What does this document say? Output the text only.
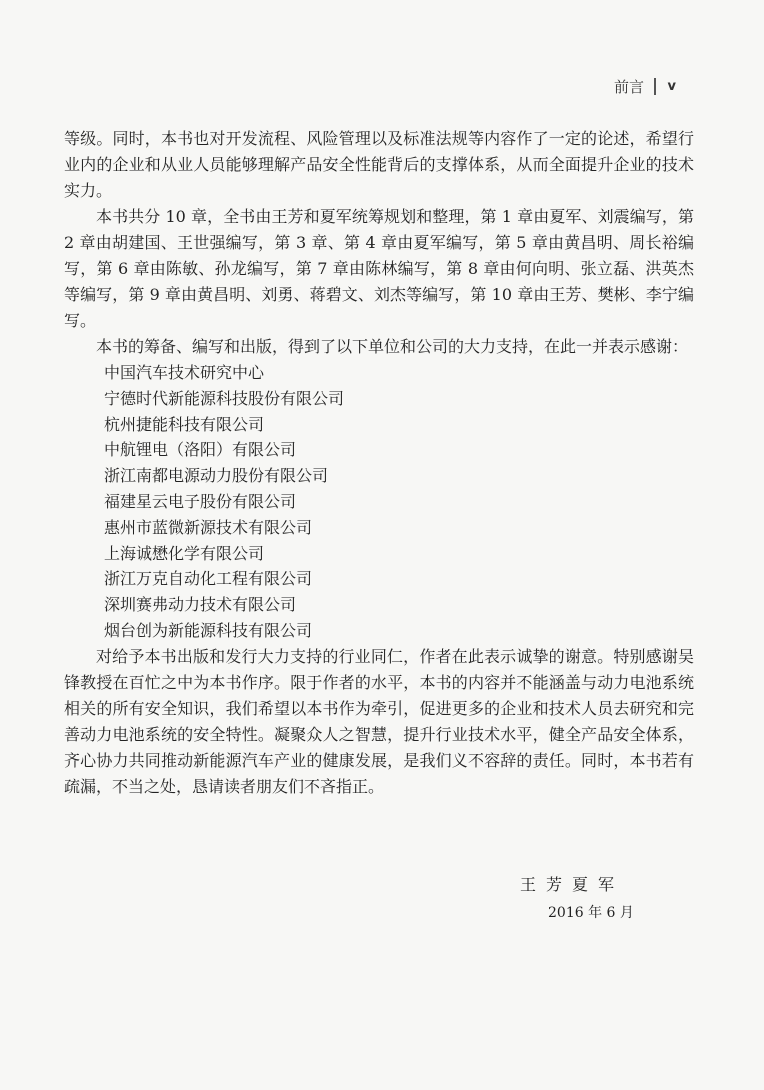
前言 v

等级。同时，本书也对开发流程、风险管理以及标准法规等内容作了一定的论述，希望行业内的企业和从业人员能够理解产品安全性能背后的支撑体系，从而全面提升企业的技术实力。

本书共分 10 章，全书由王芳和夏军统筹规划和整理，第 1 章由夏军、刘震编写，第 2 章由胡建国、王世强编写，第 3 章、第 4 章由夏军编写，第 5 章由黄昌明、周长裕编写，第 6 章由陈敏、孙龙编写，第 7 章由陈林编写，第 8 章由何向明、张立磊、洪英杰等编写，第 9 章由黄昌明、刘勇、蒋碧文、刘杰等编写，第 10 章由王芳、樊彬、李宁编写。

本书的筹备、编写和出版，得到了以下单位和公司的大力支持，在此一并表示感谢：

中国汽车技术研究中心
宁德时代新能源科技股份有限公司
杭州捷能科技有限公司
中航锂电（洛阳）有限公司
浙江南都电源动力股份有限公司
福建星云电子股份有限公司
惠州市蓝微新源技术有限公司
上海诚懋化学有限公司
浙江万克自动化工程有限公司
深圳赛弗动力技术有限公司
烟台创为新能源科技有限公司

对给予本书出版和发行大力支持的行业同仁，作者在此表示诚挚的谢意。特别感谢吴锋教授在百忙之中为本书作序。限于作者的水平，本书的内容并不能涵盖与动力电池系统相关的所有安全知识，我们希望以本书作为牵引，促进更多的企业和技术人员去研究和完善动力电池系统的安全特性。凝聚众人之智慧，提升行业技术水平，健全产品安全体系，齐心协力共同推动新能源汽车产业的健康发展，是我们义不容辞的责任。同时，本书若有疏漏，不当之处，恳请读者朋友们不吝指正。

王芳夏军
2016 年 6 月
